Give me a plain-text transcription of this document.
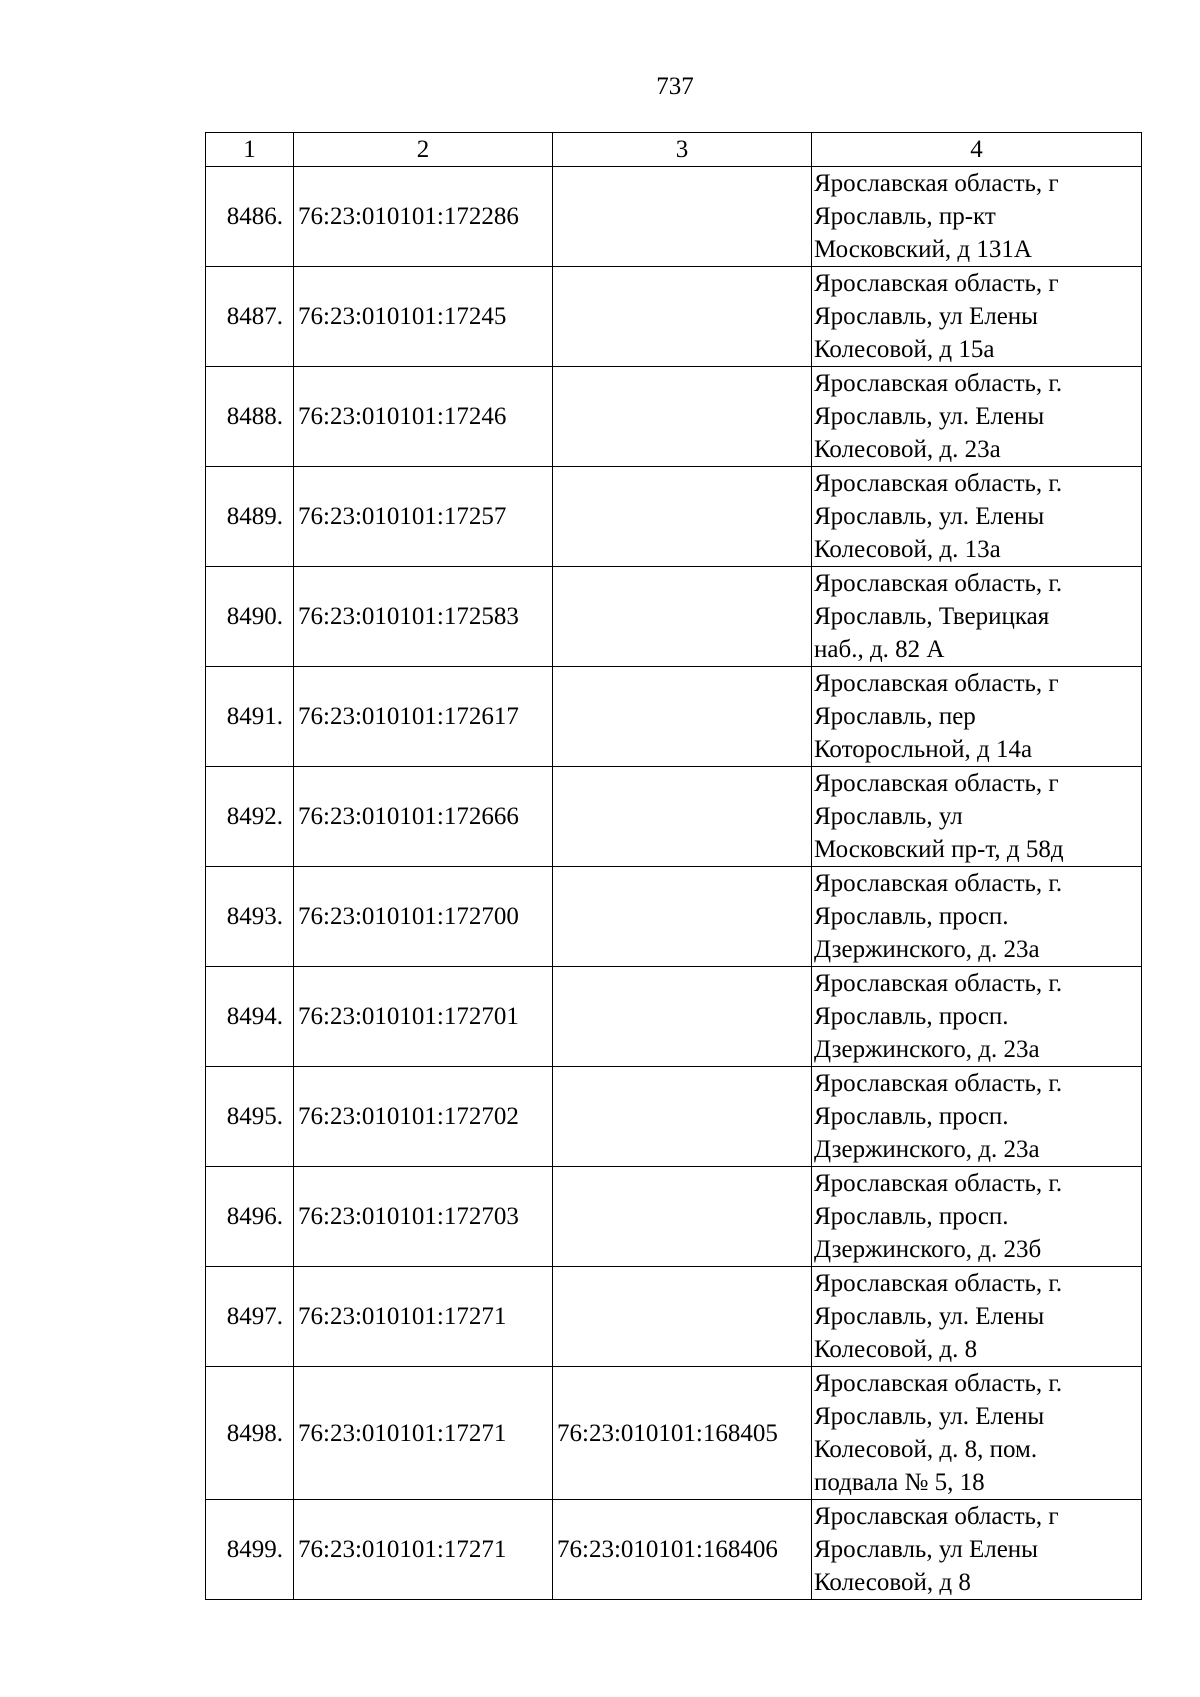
737
1	2	3	4
8486.	76:23:010101:172286		Ярославская область, г
Ярославль, пр-кт
Московский, д 131А

8487.	76:23:010101:17245		Ярославская область, г
Ярославль, ул Елены
Колесовой, д 15а

8488.	76:23:010101:17246		Ярославская область, г.
Ярославль, ул. Елены
Колесовой, д. 23а

8489.	76:23:010101:17257		Ярославская область, г.
Ярославль, ул. Елены
Колесовой, д. 13а

8490.	76:23:010101:172583		Ярославская область, г.
Ярославль, Тверицкая
наб., д. 82 А

8491.	76:23:010101:172617		Ярославская область, г
Ярославль, пер
Которосльной, д 14а

8492.	76:23:010101:172666		Ярославская область, г
Ярославль, ул
Московский пр-т, д 58д

8493.	76:23:010101:172700		Ярославская область, г.
Ярославль, просп.
Дзержинского, д. 23а

8494.	76:23:010101:172701		Ярославская область, г.
Ярославль, просп.
Дзержинского, д. 23а

8495.	76:23:010101:172702		Ярославская область, г.
Ярославль, просп.
Дзержинского, д. 23а

8496.	76:23:010101:172703		Ярославская область, г.
Ярославль, просп.
Дзержинского, д. 23б

8497.	76:23:010101:17271		Ярославская область, г.
Ярославль, ул. Елены
Колесовой, д. 8

8498.	76:23:010101:17271	76:23:010101:168405	Ярославская область, г.
Ярославль, ул. Елены
Колесовой, д. 8, пом.
подвала № 5, 18

8499.	76:23:010101:17271	76:23:010101:168406	Ярославская область, г
Ярославль, ул Елены
Колесовой, д 8
